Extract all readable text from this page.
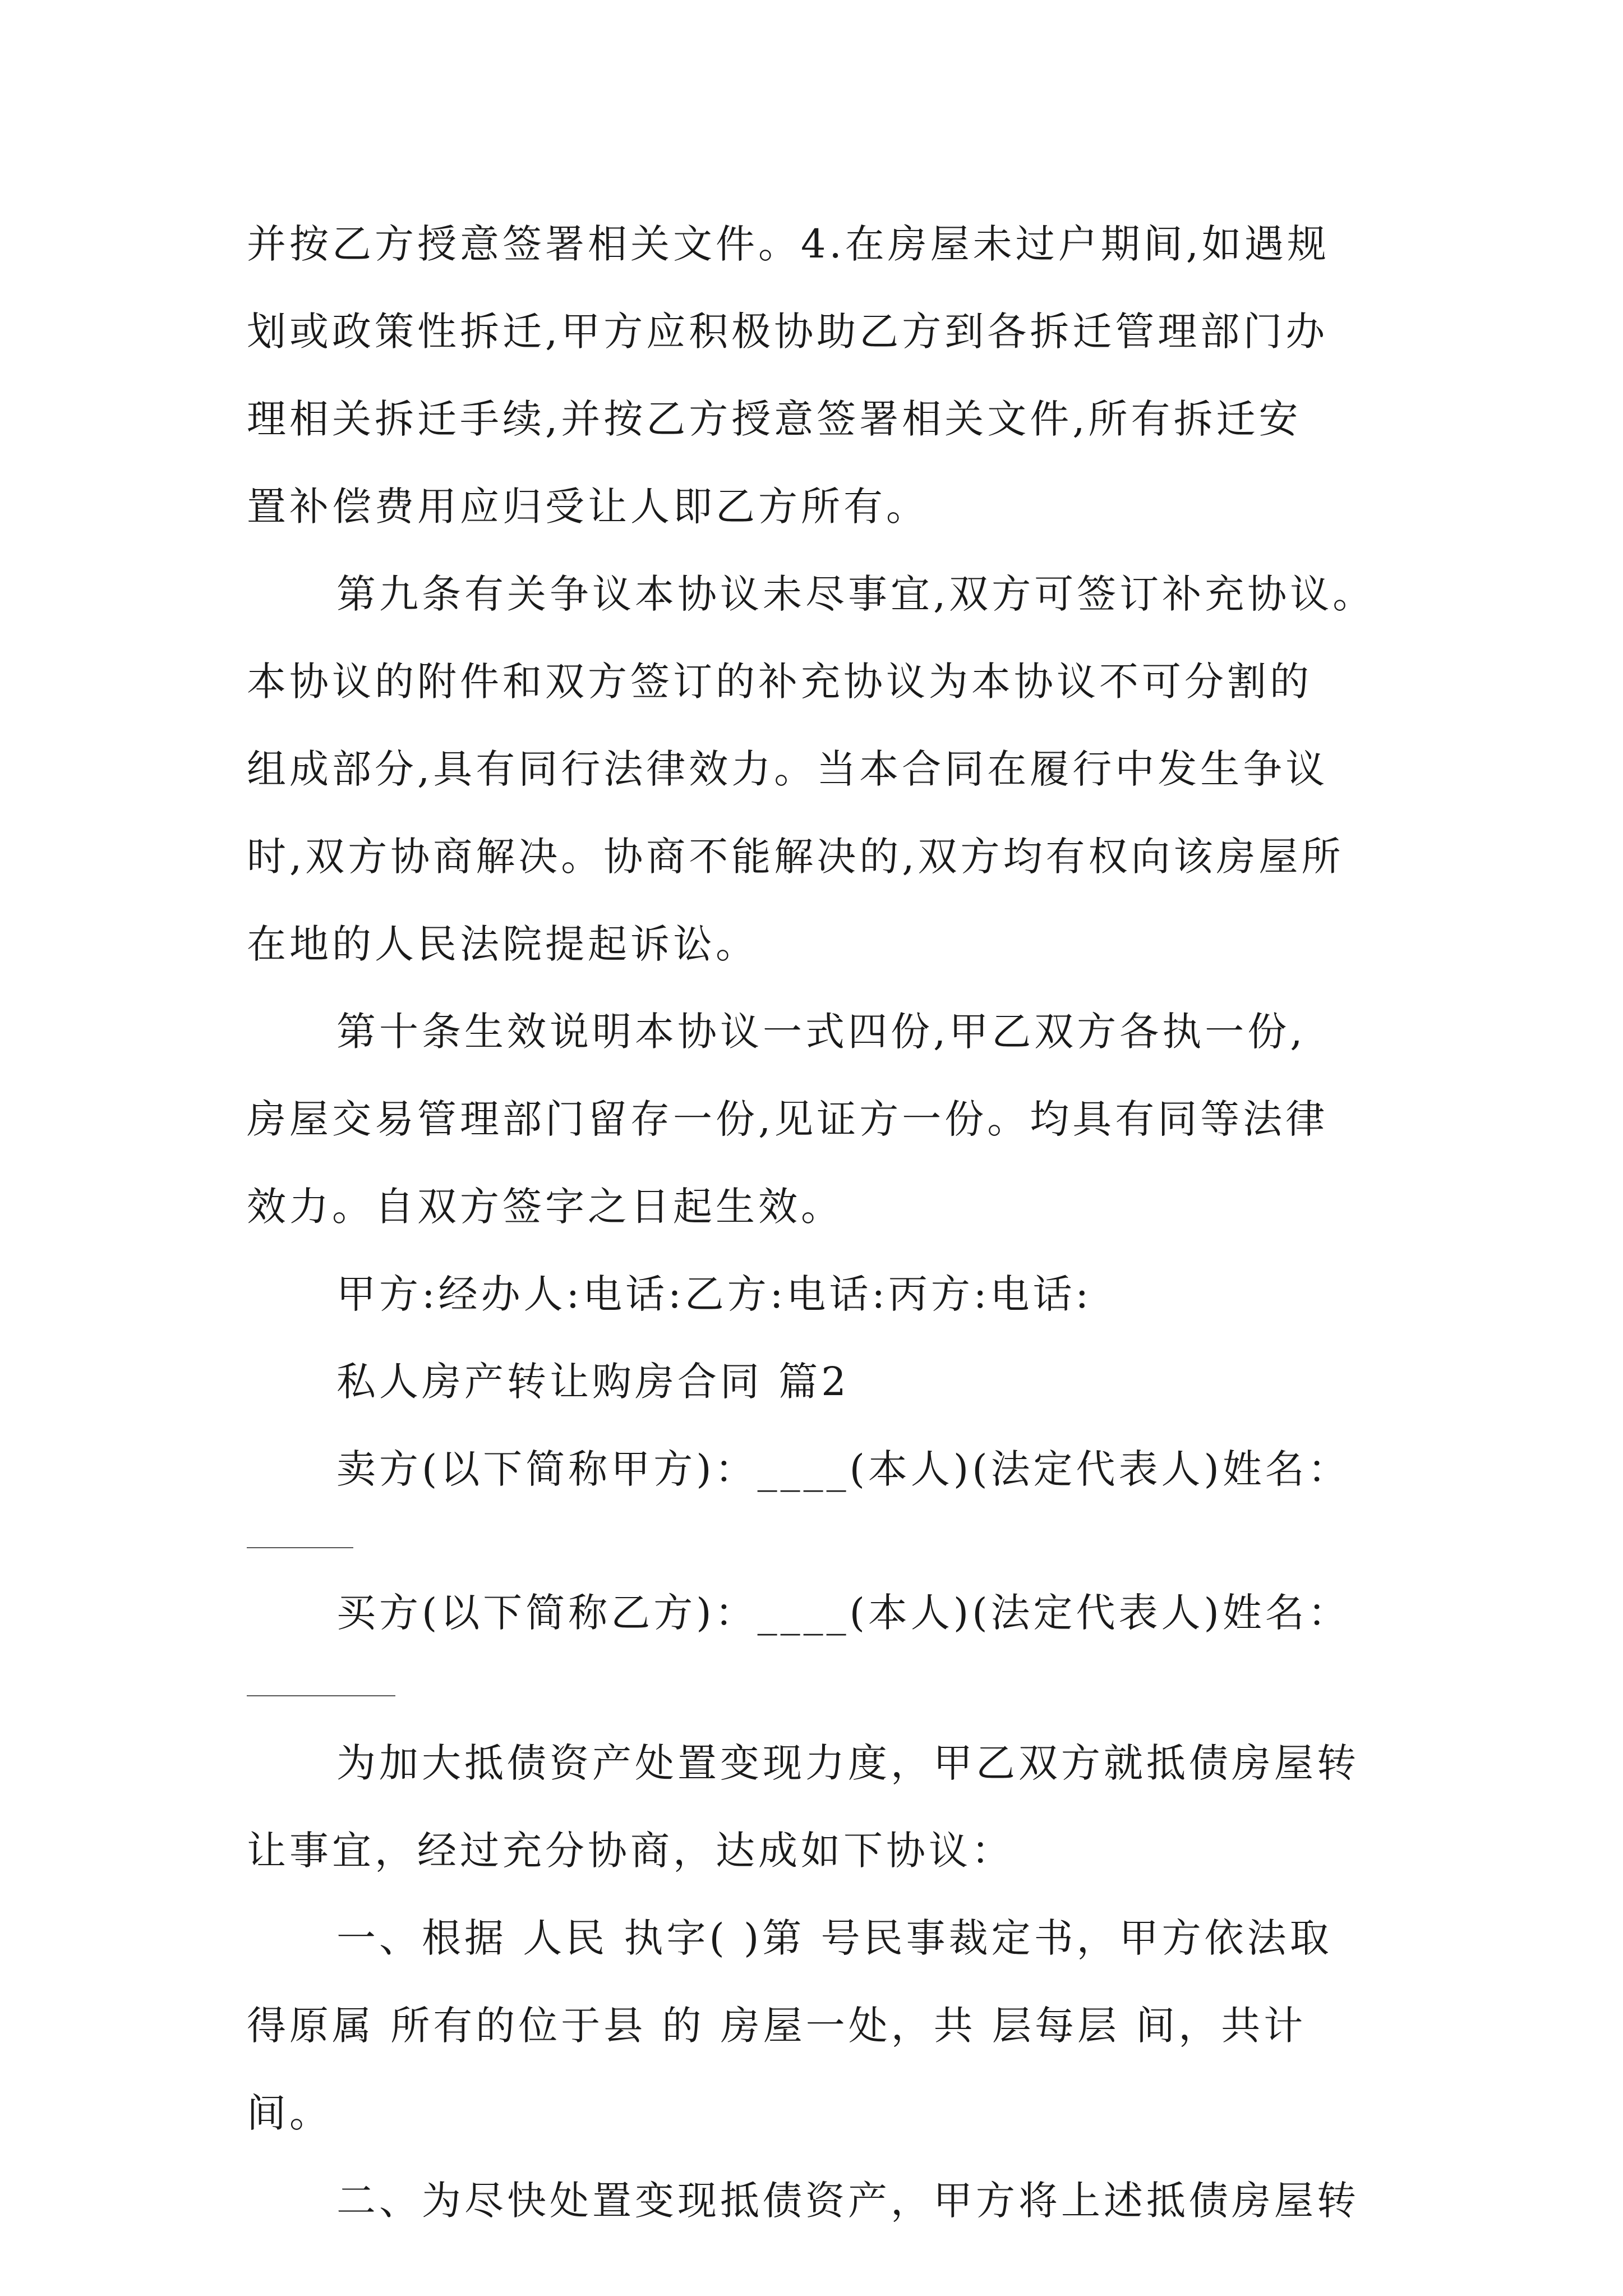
并按乙方授意签署相关文件。4.在房屋未过户期间,如遇规
划或政策性拆迁,甲方应积极协助乙方到各拆迁管理部门办
理相关拆迁手续,并按乙方授意签署相关文件,所有拆迁安
置补偿费用应归受让人即乙方所有。
第九条有关争议本协议未尽事宜,双方可签订补充协议。
本协议的附件和双方签订的补充协议为本协议不可分割的
组成部分,具有同行法律效力。当本合同在履行中发生争议
时,双方协商解决。协商不能解决的,双方均有权向该房屋所
在地的人民法院提起诉讼。
第十条生效说明本协议一式四份,甲乙双方各执一份,
房屋交易管理部门留存一份,见证方一份。均具有同等法律
效力。自双方签字之日起生效。
甲方:经办人:电话:乙方:电话:丙方:电话:
私人房产转让购房合同 篇2
卖方(以下简称甲方)：____(本人)(法定代表人)姓名：
买方(以下简称乙方)：____(本人)(法定代表人)姓名：
为加大抵债资产处置变现力度，甲乙双方就抵债房屋转
让事宜，经过充分协商，达成如下协议：
一、根据 人民 执字( )第 号民事裁定书，甲方依法取
得原属 所有的位于县 的 房屋一处，共 层每层 间，共计
间。
二、为尽快处置变现抵债资产，甲方将上述抵债房屋转
